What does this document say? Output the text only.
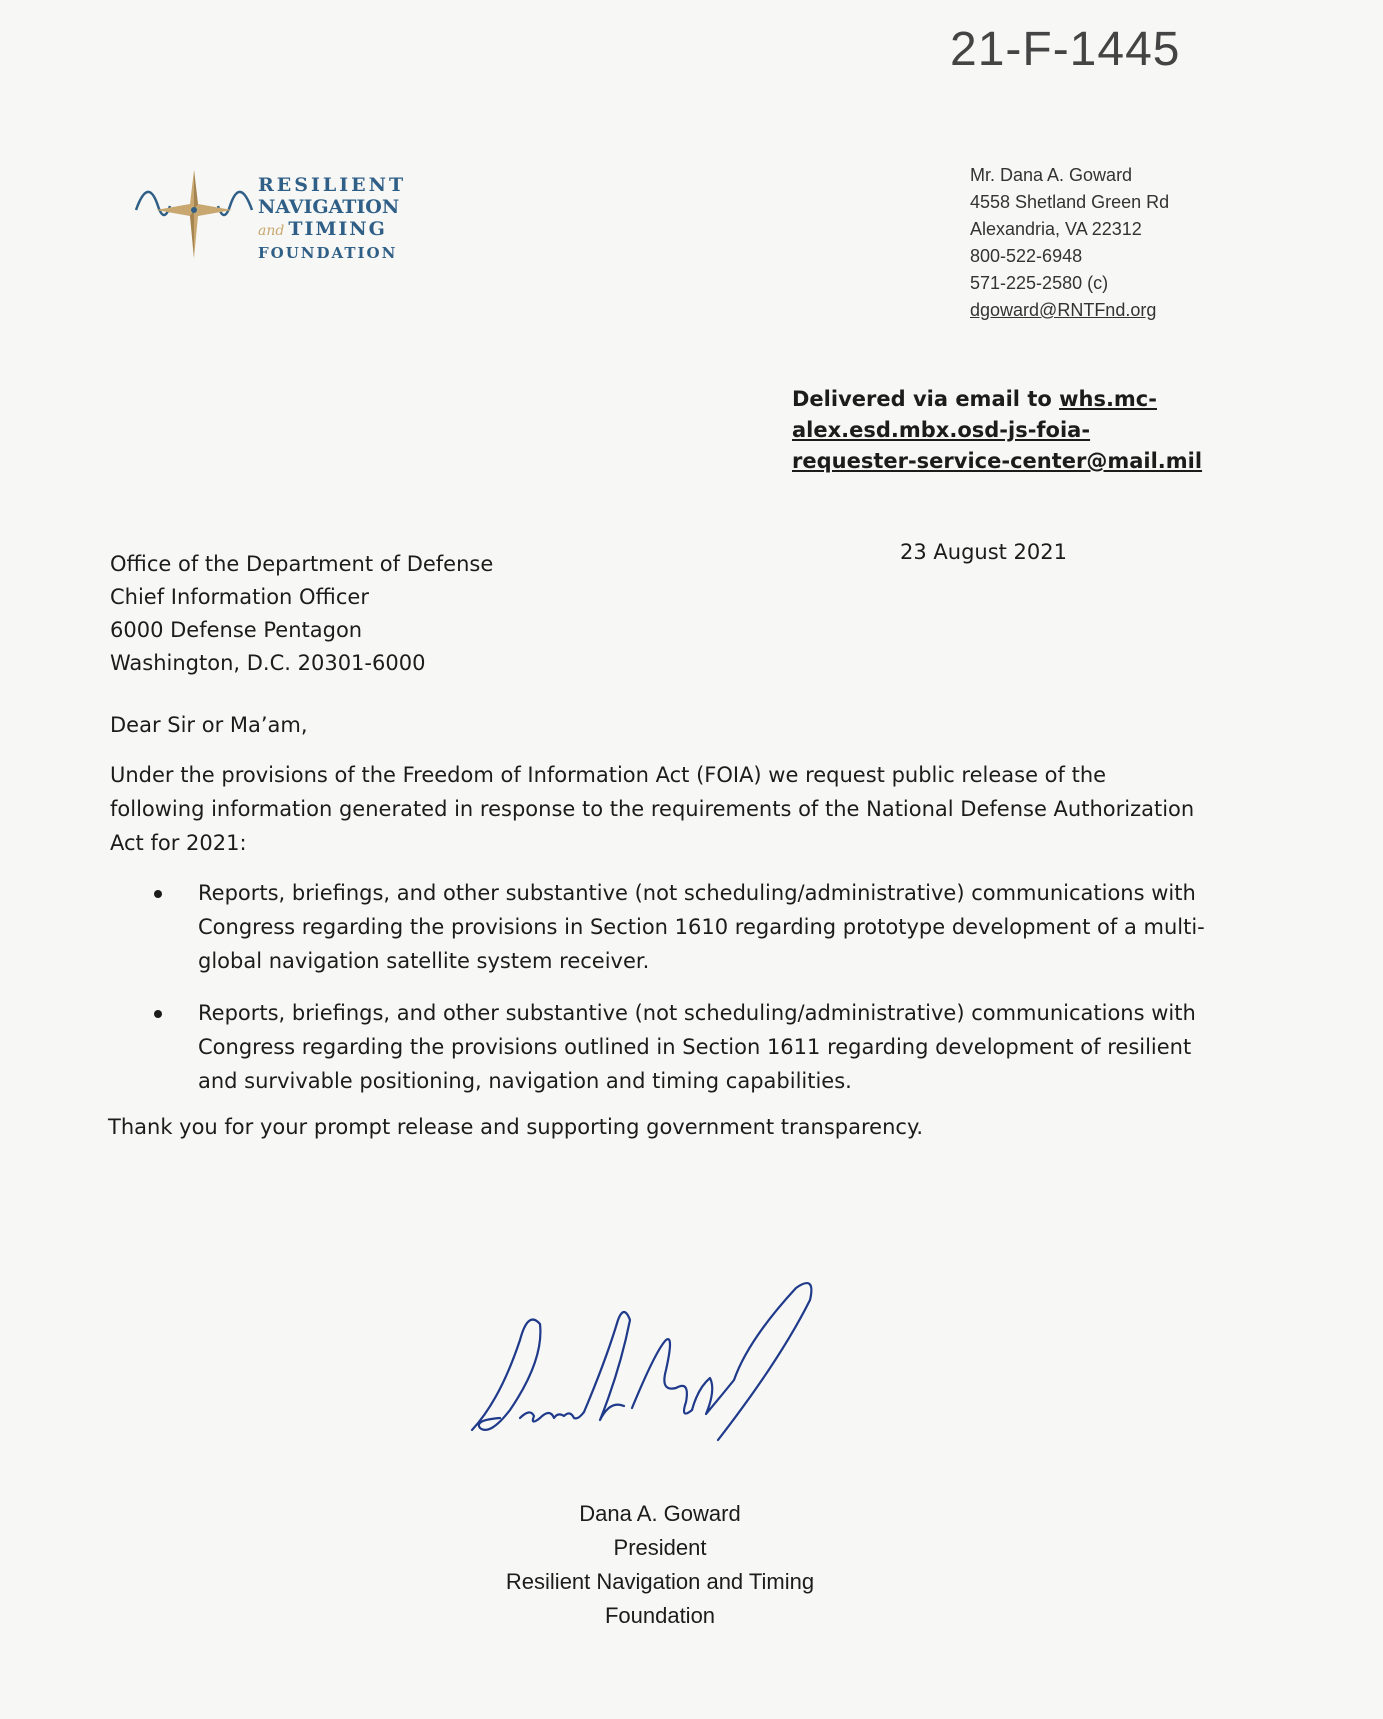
21-F-1445
RESILIENT
NAVIGATION
and TIMING
FOUNDATION
Mr. Dana A. Goward
4558 Shetland Green Rd
Alexandria, VA 22312
800-522-6948
571-225-2580 (c)
dgoward@RNTFnd.org
Delivered via email to whs.mc-alex.esd.mbx.osd-js-foia-requester-service-center@mail.mil
23 August 2021
Office of the Department of Defense
Chief Information Officer
6000 Defense Pentagon
Washington, D.C. 20301-6000
Dear Sir or Ma’am,
Under the provisions of the Freedom of Information Act (FOIA) we request public release of the following information generated in response to the requirements of the National Defense Authorization Act for 2021:
Reports, briefings, and other substantive (not scheduling/administrative) communications with Congress regarding the provisions in Section 1610 regarding prototype development of a multi-global navigation satellite system receiver.
Reports, briefings, and other substantive (not scheduling/administrative) communications with Congress regarding the provisions outlined in Section 1611 regarding development of resilient and survivable positioning, navigation and timing capabilities.
Thank you for your prompt release and supporting government transparency.
Dana A. Goward
President
Resilient Navigation and Timing
Foundation
